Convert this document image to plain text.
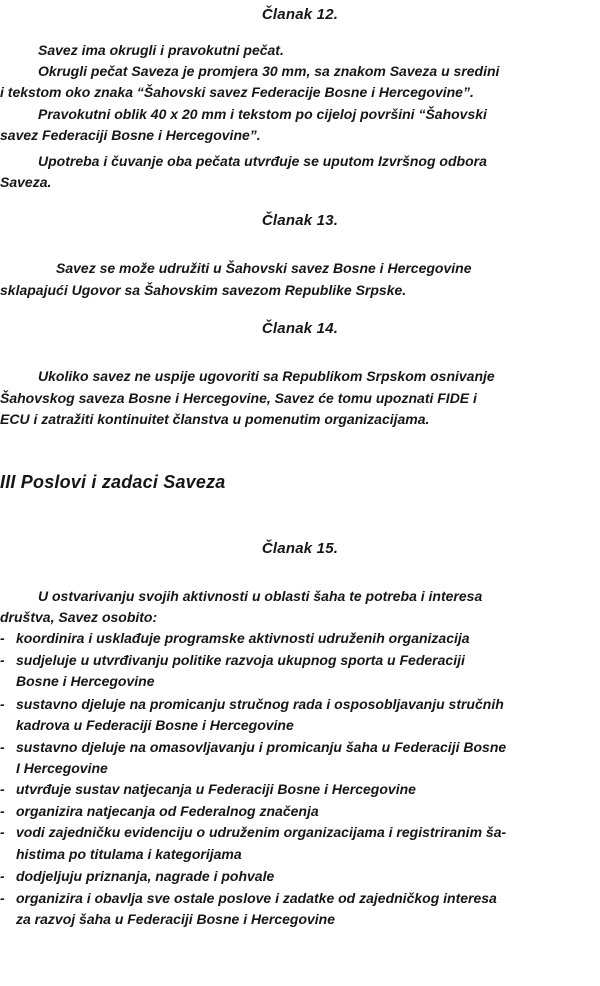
Članak 12.
Savez ima okrugli i pravokutni pečat.
Okrugli pečat Saveza je promjera 30 mm, sa znakom Saveza u sredini
i tekstom oko znaka “Šahovski savez Federacije Bosne i Hercegovine”.
Pravokutni oblik 40 x 20 mm i tekstom po cijeloj površini “Šahovski
savez Federaciji Bosne i Hercegovine”.
Upotreba i čuvanje oba pečata utvrđuje se uputom Izvršnog odbora
Saveza.
Članak 13.
Savez se može udružiti u Šahovski savez Bosne i Hercegovine
sklapajući Ugovor sa Šahovskim savezom Republike Srpske.
Članak 14.
Ukoliko savez ne uspije ugovoriti sa Republikom Srpskom osnivanje
Šahovskog saveza Bosne i Hercegovine, Savez će tomu upoznati FIDE i
ECU i zatražiti kontinuitet članstva u pomenutim organizacijama.
III Poslovi i zadaci Saveza
Članak 15.
U ostvarivanju svojih aktivnosti u oblasti šaha te potreba i interesa
društva, Savez osobito:
- koordinira i usklađuje programske aktivnosti udruženih organizacija
- sudjeluje u utvrđivanju politike razvoja ukupnog sporta u Federaciji
Bosne i Hercegovine
- sustavno djeluje na promicanju stručnog rada i osposobljavanju stručnih
kadrova u Federaciji Bosne i Hercegovine
- sustavno djeluje na omasovljavanju i promicanju šaha u Federaciji Bosne
I Hercegovine
- utvrđuje sustav natjecanja u Federaciji Bosne i Hercegovine
- organizira natjecanja od Federalnog značenja
- vodi zajedničku evidenciju o udruženim organizacijama i registriranim ša-
histima po titulama i kategorijama
- dodjeljuju priznanja, nagrade i pohvale
- organizira i obavlja sve ostale poslove i zadatke od zajedničkog interesa
za razvoj šaha u Federaciji Bosne i Hercegovine
